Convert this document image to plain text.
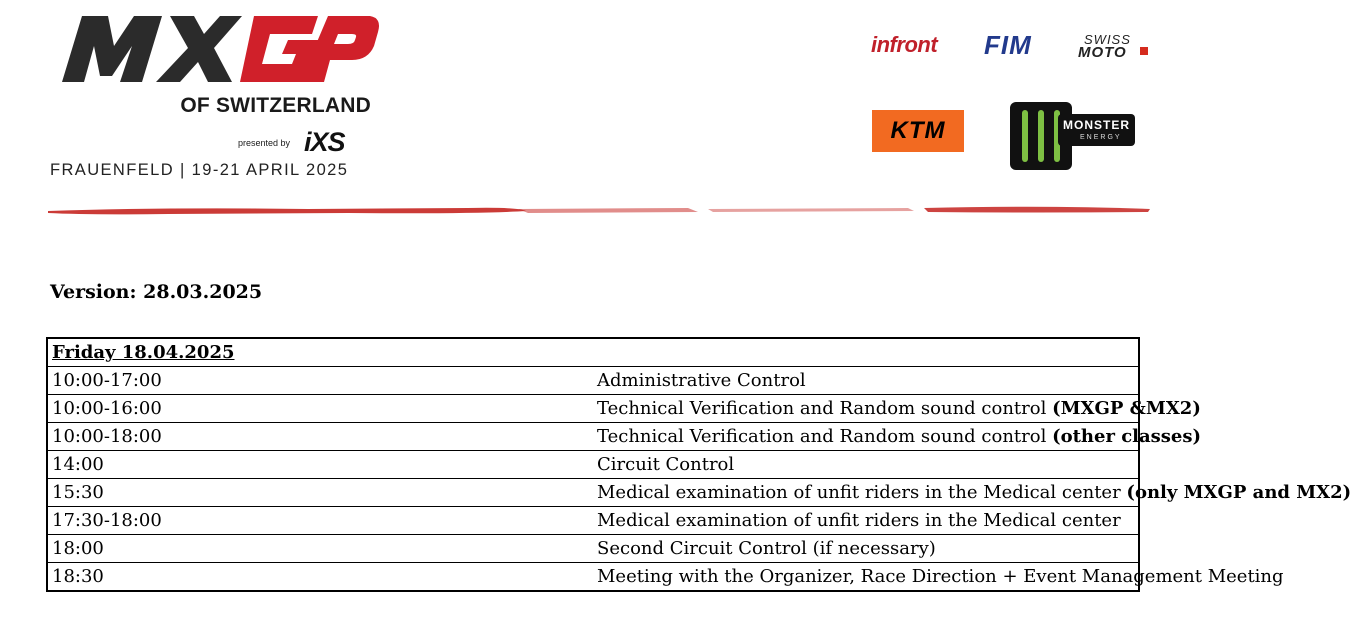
OF SWITZERLAND
presented by iXS
FRAUENFELD | 19-21 APRIL 2025
infront FIM	SWISS
MOTO
KTM	MONSTER
ENERGY
Version: 28.03.2025
Friday 18.04.2025	
10:00-17:00	Administrative Control
10:00-16:00	Technical Verification and Random sound control (MXGP &MX2)
10:00-18:00	Technical Verification and Random sound control (other classes)
14:00	Circuit Control
15:30	Medical examination of unfit riders in the Medical center (only MXGP and MX2)
17:30-18:00	Medical examination of unfit riders in the Medical center
18:00	Second Circuit Control (if necessary)
18:30	Meeting with the Organizer, Race Direction + Event Management Meeting
